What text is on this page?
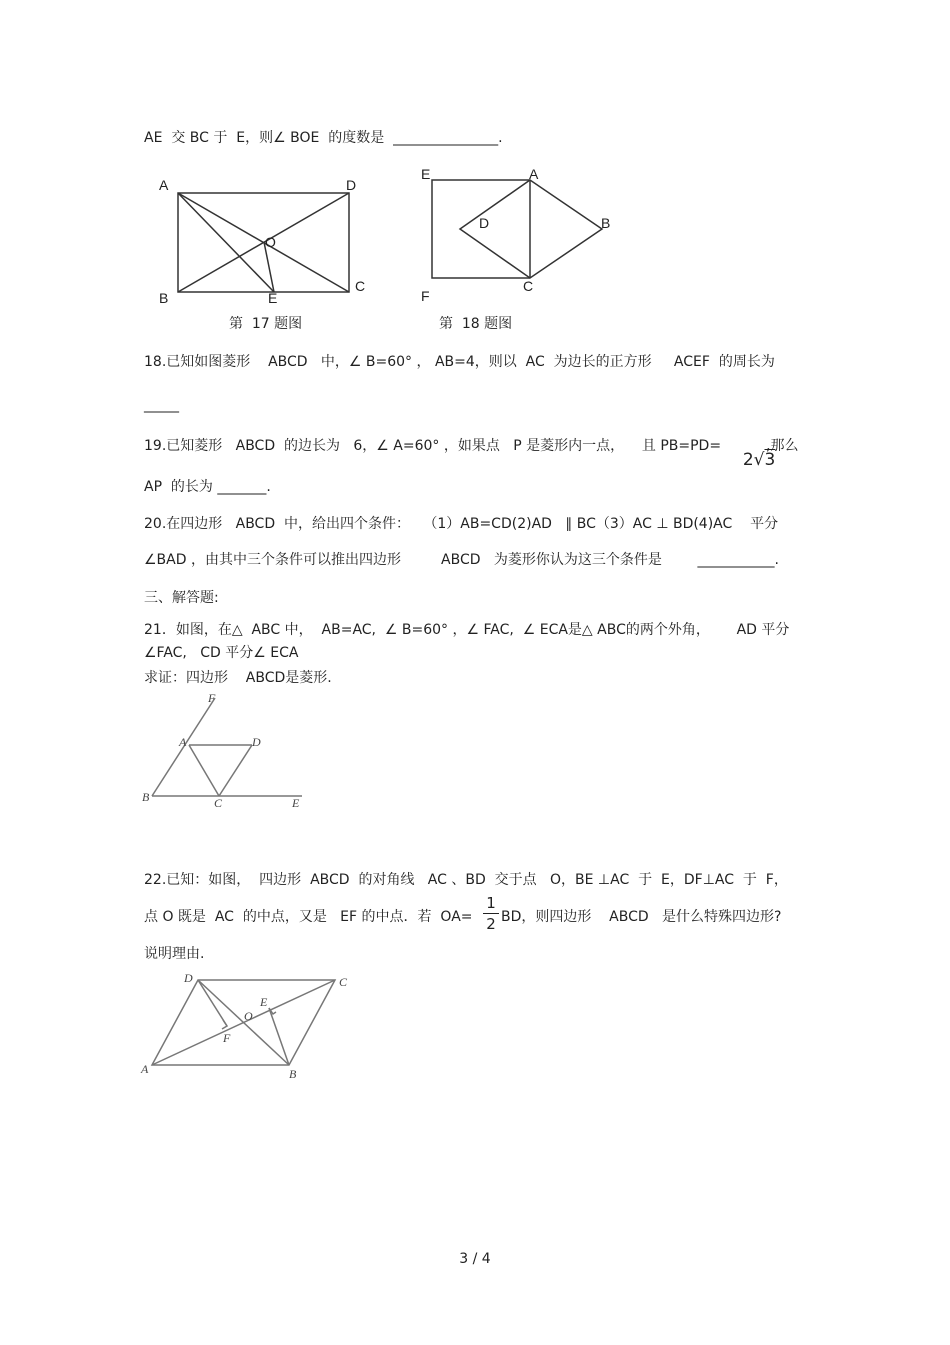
AE  交 BC 于  E，则∠ BOE  的度数是  _______________.
A	D
O
B	E
C
第  17 题图
E	A
D	B
F
C
第  18 题图
18.已知如图菱形    ABCD   中，∠ B=60° ， AB=4，则以  AC  为边长的正方形     ACEF  的周长为
_____
19.已知菱形   ABCD  的边长为   6，∠ A=60° ，如果点   P 是菱形内一点，    且 PB=PD=

2√3

,那么
AP  的长为 _______.
20.在四边形   ABCD  中，给出四个条件：   （1）AB=CD(2)AD   ∥ BC（3）AC ⊥ BD(4)AC    平分
∠BAD ，由其中三个条件可以推出四边形         ABCD   为菱形你认为这三个条件是        ___________.
三、解答题:
21．如图，在△  ABC 中，  AB=AC,  ∠ B=60° ，∠ FAC,  ∠ ECA是△ ABC的两个外角，      AD 平分
∠FAC,   CD 平分∠ ECA
求证：四边形    ABCD是菱形.
F
A	D
B	C	E
22.已知：如图，  四边形  ABCD  的对角线   AC 、BD  交于点   O，BE ⊥AC  于  E，DF⊥AC  于  F，
点 O 既是  AC  的中点，又是   EF 的中点．若  OA=
1
2 BD，则四边形    ABCD   是什么特殊四边形?
说明理由.
D	C
E
O
F
A	B
3 / 4
